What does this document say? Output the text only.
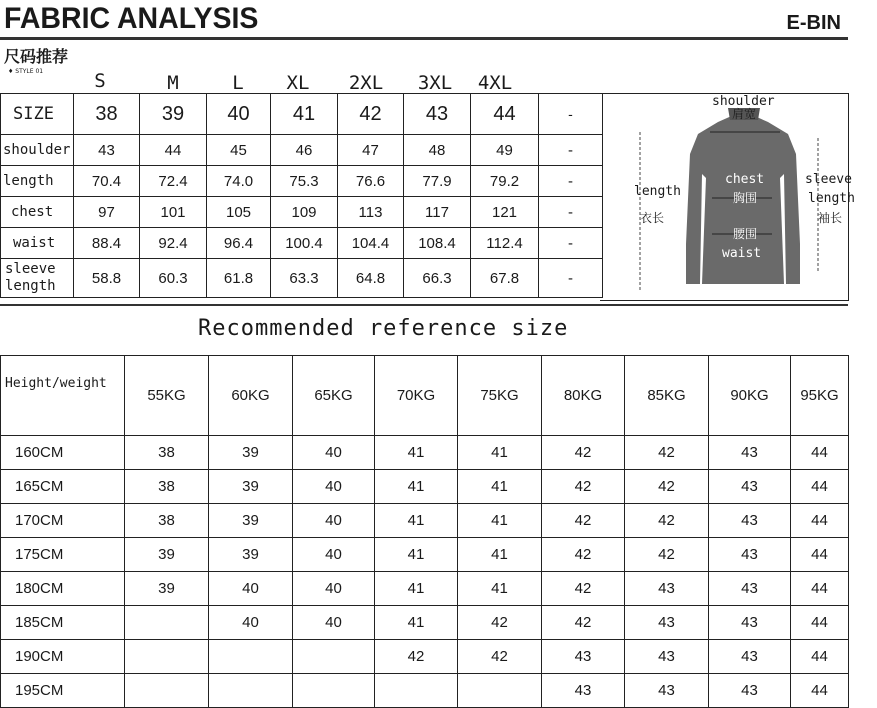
FABRIC ANALYSIS	E-BIN
尺码推荐
♦ STYLE 01	S	M	L	XL	2XL	3XL	4XL
SIZE	38	39	40	41	42	43	44	-
shoulder	43	44	45	46	47	48	49	-
length	70.4	72.4	74.0	75.3	76.6	77.9	79.2	-
chest	97	101	105	109	113	117	121	-
waist	88.4	92.4	96.4	100.4	104.4	108.4	112.4	-
sleeve
length	58.8	60.3	61.8	63.3	64.8	66.3	67.8	-
shoulder
肩宽
length
衣长
chest
胸围
腰围
waist
sleeve
length
袖长
Recommended reference size
Height/weight	55KG	60KG	65KG	70KG	75KG	80KG	85KG	90KG	95KG
160CM	38	39	40	41	41	42	42	43	44
165CM	38	39	40	41	41	42	42	43	44
170CM	38	39	40	41	41	42	42	43	44
175CM	39	39	40	41	41	42	42	43	44
180CM	39	40	40	41	41	42	43	43	44
185CM		40	40	41	42	42	43	43	44
190CM				42	42	43	43	43	44
195CM						43	43	43	44
